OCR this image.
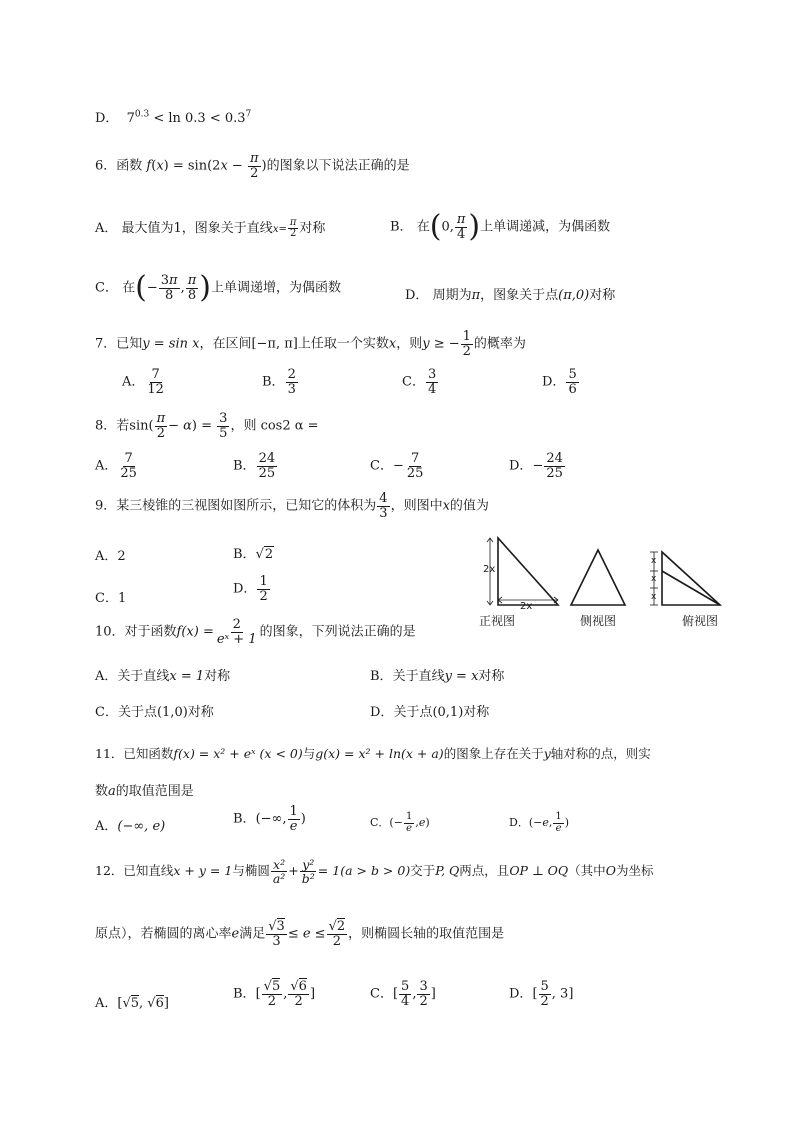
D． $7^{0.3} < \ln 0.3 < 0.3^7$
6．函数 $f(x) = \sin(2x - \frac{\pi}{2}$ )的图象以下说法正确的是
A． 最大值为1，图象关于直线$x= \frac{\pi}{2}$ 对称	B． 在(0, $\frac{\pi}{4}$ )上单调递减，为偶函数
C． 在(− $\frac{3\pi}{8}$ , $\frac{\pi}{8}$ )上单调递增，为偶函数	D． 周期为π，图象关于点(π,0)对称
7．已知y = sin x，在区间[−π, π]上任取一个实数x，则y ≥ − $\frac{1}{2}$ 的概率为
A． $\frac{7}{12}$	B． $\frac{2}{3}$	C． $\frac{3}{4}$	D． $\frac{5}{6}$
8．若$\sin( \frac{\pi}{2} - \alpha) = \frac{3}{5}$ ，则 cos2 α =
A． $\frac{7}{25}$	B． $\frac{24}{25}$	C．− $\frac{7}{25}$	D．− $\frac{24}{25}$
9．某三棱锥的三视图如图所示，已知它的体积为 $\frac{4}{3}$ ，则图中x的值为
A．2	B．√2
C．1
D． $\frac{1}{2}$
2x
2x
x
x
x
正视图	侧视图	俯视图
10．对于函数$f(x) = \frac{2}{\text{eˣ + 1}}$ 的图象，下列说法正确的是
A．关于直线x = 1对称	B．关于直线y = x对称
C．关于点(1,0)对称	D．关于点(0,1)对称
11．已知函数f(x) = x² + eˣ (x < 0)与g(x) = x² + ln(x + a)的图象上存在关于y轴对称的点，则实
数a的取值范围是
A．(−∞, e)	B．(−∞, $\frac{1}{e}$ )	C．(− $\frac{1}{e} ,e$)	D．(−e, $\frac{1}{e}$ )
12．已知直线x + y = 1与椭圆 $\frac{\text{x²}}{\text{a²}} + \frac{\text{y²}}{\text{b²}} = 1(a > b > 0)$交于P, Q两点，且OP ⊥ OQ（其中O为坐标
原点），若椭圆的离心率e满足 $\frac{√3}{3} \le e \le \frac{√2}{2}$ ，则椭圆长轴的取值范围是
A．[√5, √6]
B．[ $\frac{√5}{2}$ , $\frac{√6}{2}$ ]	C．[ $\frac{5}{4}$ , $\frac{3}{2}$ ]	D．[ $\frac{5}{2}$ , 3]
